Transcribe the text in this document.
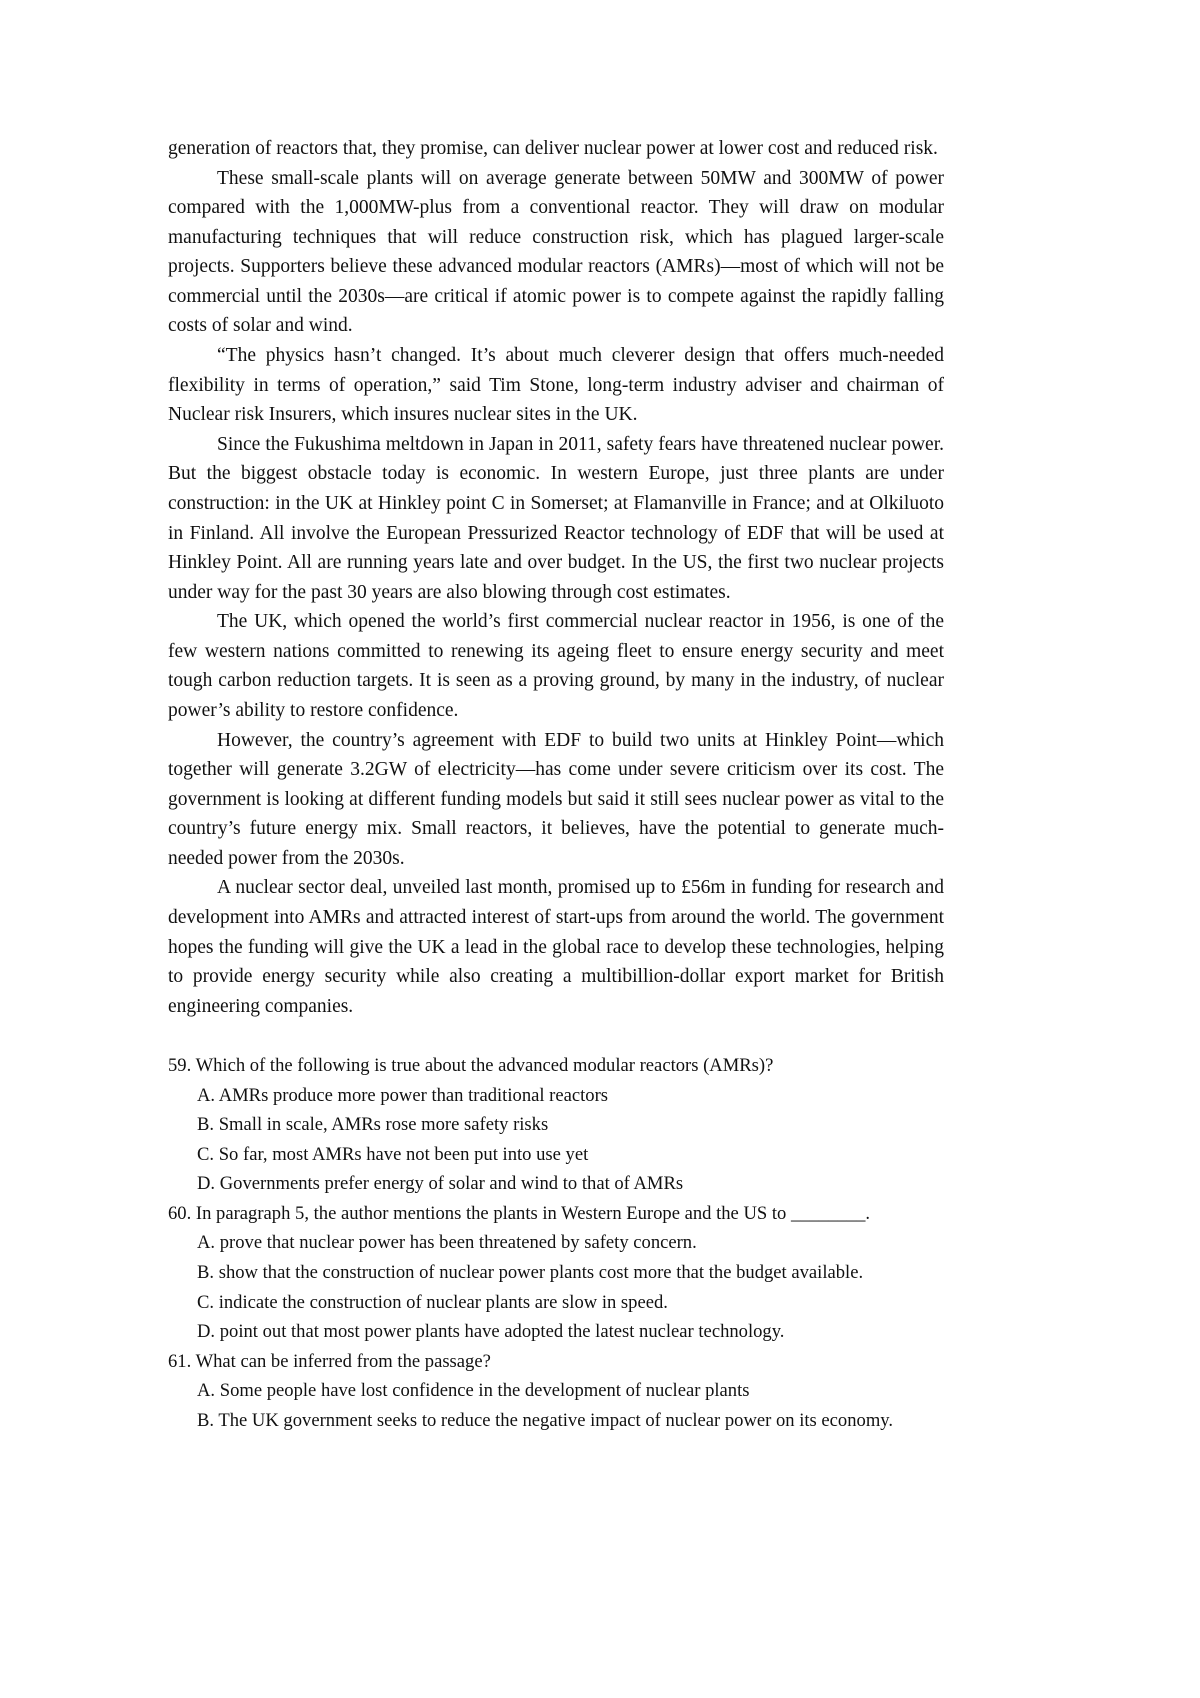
generation of reactors that, they promise, can deliver nuclear power at lower cost and reduced risk.

These small-scale plants will on average generate between 50MW and 300MW of power compared with the 1,000MW-plus from a conventional reactor. They will draw on modular manufacturing techniques that will reduce construction risk, which has plagued larger-scale projects. Supporters believe these advanced modular reactors (AMRs)—most of which will not be commercial until the 2030s—are critical if atomic power is to compete against the rapidly falling costs of solar and wind.

“The physics hasn’t changed. It’s about much cleverer design that offers much-needed flexibility in terms of operation,” said Tim Stone, long-term industry adviser and chairman of Nuclear risk Insurers, which insures nuclear sites in the UK.

Since the Fukushima meltdown in Japan in 2011, safety fears have threatened nuclear power. But the biggest obstacle today is economic. In western Europe, just three plants are under construction: in the UK at Hinkley point C in Somerset; at Flamanville in France; and at Olkiluoto in Finland. All involve the European Pressurized Reactor technology of EDF that will be used at Hinkley Point. All are running years late and over budget. In the US, the first two nuclear projects under way for the past 30 years are also blowing through cost estimates.

The UK, which opened the world’s first commercial nuclear reactor in 1956, is one of the few western nations committed to renewing its ageing fleet to ensure energy security and meet tough carbon reduction targets. It is seen as a proving ground, by many in the industry, of nuclear power’s ability to restore confidence.

However, the country’s agreement with EDF to build two units at Hinkley Point—which together will generate 3.2GW of electricity—has come under severe criticism over its cost. The government is looking at different funding models but said it still sees nuclear power as vital to the country’s future energy mix. Small reactors, it believes, have the potential to generate much-needed power from the 2030s.

A nuclear sector deal, unveiled last month, promised up to £56m in funding for research and development into AMRs and attracted interest of start-ups from around the world. The government hopes the funding will give the UK a lead in the global race to develop these technologies, helping to provide energy security while also creating a multibillion-dollar export market for British engineering companies.

59. Which of the following is true about the advanced modular reactors (AMRs)?

A. AMRs produce more power than traditional reactors

B. Small in scale, AMRs rose more safety risks

C. So far, most AMRs have not been put into use yet

D. Governments prefer energy of solar and wind to that of AMRs

60. In paragraph 5, the author mentions the plants in Western Europe and the US to ________.

A. prove that nuclear power has been threatened by safety concern.

B. show that the construction of nuclear power plants cost more that the budget available.

C. indicate the construction of nuclear plants are slow in speed.

D. point out that most power plants have adopted the latest nuclear technology.

61. What can be inferred from the passage?

A. Some people have lost confidence in the development of nuclear plants

B. The UK government seeks to reduce the negative impact of nuclear power on its economy.
